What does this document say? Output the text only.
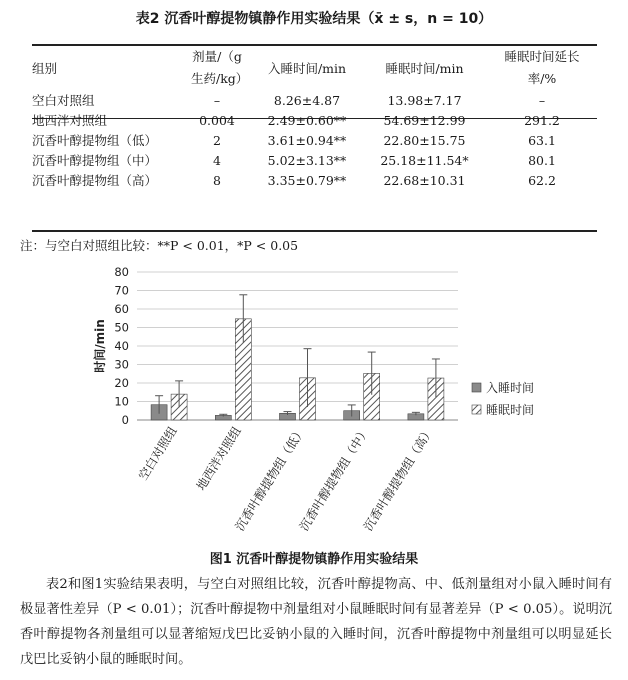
表2 沉香叶醇提物镇静作用实验结果（x̄ ± s，n = 10）
组别	剂量/（g生药/kg）	入睡时间/min	睡眠时间/min	睡眠时间延长率/%

空白对照组	–	8.26±4.87	13.98±7.17	–
地西泮对照组	0.004	2.49±0.60**	54.69±12.99	291.2
沉香叶醇提物组（低）	2	3.61±0.94**	22.80±15.75	63.1
沉香叶醇提物组（中）	4	5.02±3.13**	25.18±11.54*	80.1
沉香叶醇提物组（高）	8	3.35±0.79**	22.68±10.31	62.2
注：与空白对照组比较：**P < 0.01，*P < 0.05
0
10
20
30
40
50
60
70
80
时间/min
空白对照组 地西泮对照组
沉香叶醇提物组（低）
沉香叶醇提物组（中）
沉香叶醇提物组（高）
入睡时间
睡眠时间
图1 沉香叶醇提物镇静作用实验结果

表2和图1实验结果表明，与空白对照组比较，沉香叶醇提物高、中、低剂量组对小鼠入睡时间有极显著性差异（P < 0.01）；沉香叶醇提物中剂量组对小鼠睡眠时间有显著差异（P < 0.05）。说明沉香叶醇提物各剂量组可以显著缩短戊巴比妥钠小鼠的入睡时间，沉香叶醇提物中剂量组可以明显延长戊巴比妥钠小鼠的睡眠时间。
